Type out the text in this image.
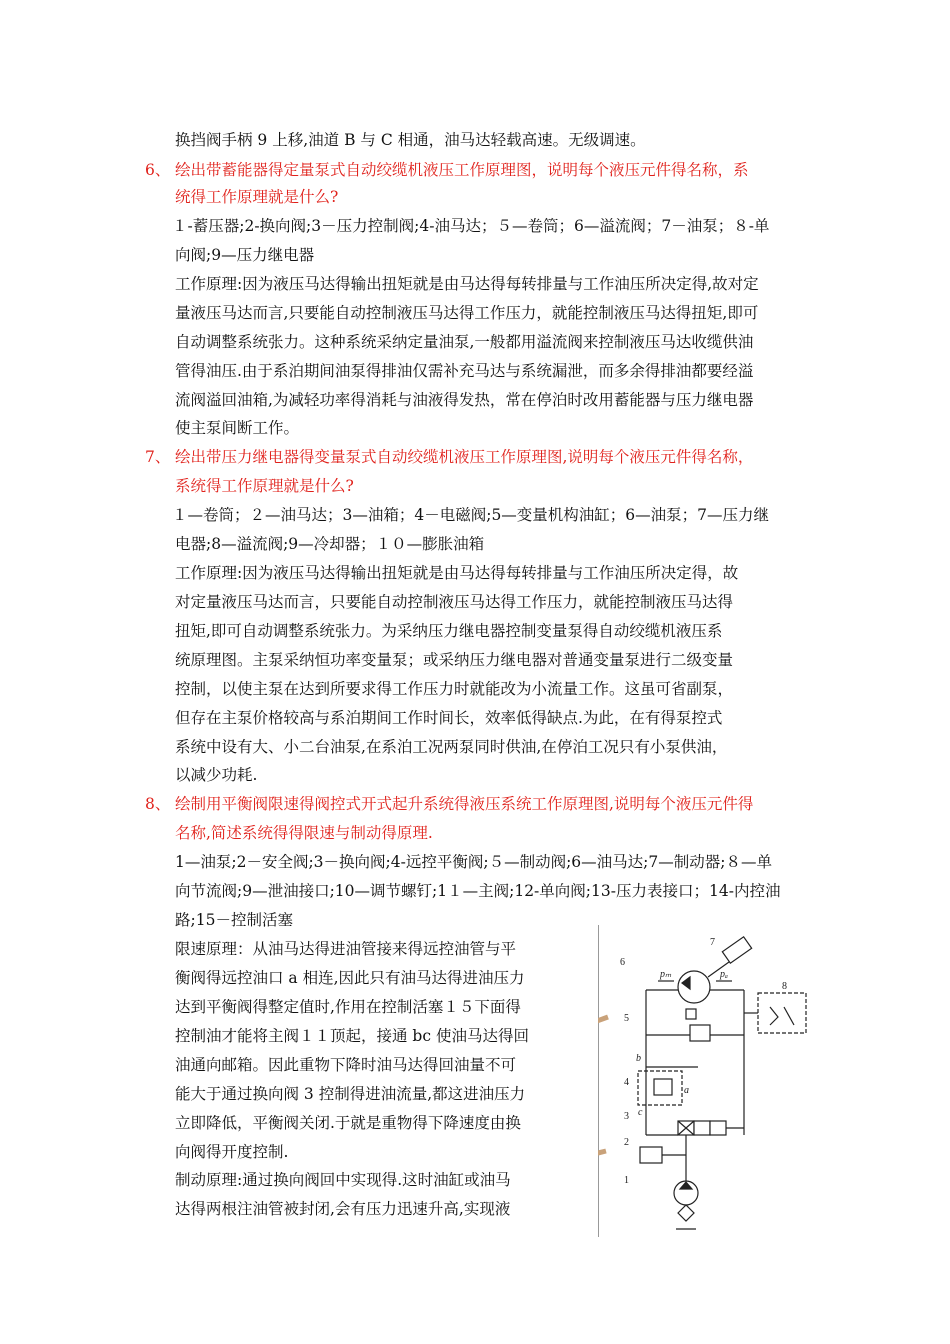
换挡阀手柄 9 上移,油道 B 与 C 相通，油马达轻载高速。无级调速。
6、 绘出带蓄能器得定量泵式自动绞缆机液压工作原理图，说明每个液压元件得名称，系
统得工作原理就是什么?
１-蓄压器;2-换向阀;3－压力控制阀;4-油马达；５—卷筒；6—溢流阀；7－油泵；８-单
向阀;9—压力继电器
工作原理:因为液压马达得输出扭矩就是由马达得每转排量与工作油压所决定得,故对定
量液压马达而言,只要能自动控制液压马达得工作压力，就能控制液压马达得扭矩,即可
自动调整系统张力。这种系统采纳定量油泵,一般都用溢流阀来控制液压马达收缆供油
管得油压.由于系泊期间油泵得排油仅需补充马达与系统漏泄，而多余得排油都要经溢
流阀溢回油箱,为减轻功率得消耗与油液得发热，常在停泊时改用蓄能器与压力继电器
使主泵间断工作。
7、 绘出带压力继电器得变量泵式自动绞缆机液压工作原理图,说明每个液压元件得名称，
系统得工作原理就是什么?
１—卷筒；２—油马达；3—油箱；4－电磁阀;5—变量机构油缸；6—油泵；7—压力继
电器;8—溢流阀;9—冷却器；１０—膨胀油箱
工作原理:因为液压马达得输出扭矩就是由马达得每转排量与工作油压所决定得，故
对定量液压马达而言，只要能自动控制液压马达得工作压力，就能控制液压马达得
扭矩,即可自动调整系统张力。为采纳压力继电器控制变量泵得自动绞缆机液压系
统原理图。主泵采纳恒功率变量泵；或采纳压力继电器对普通变量泵进行二级变量
控制，以使主泵在达到所要求得工作压力时就能改为小流量工作。这虽可省副泵，
但存在主泵价格较高与系泊期间工作时间长，效率低得缺点.为此，在有得泵控式
系统中设有大、小二台油泵,在系泊工况两泵同时供油,在停泊工况只有小泵供油，
以减少功耗.
8、 绘制用平衡阀限速得阀控式开式起升系统得液压系统工作原理图,说明每个液压元件得
名称,简述系统得得限速与制动得原理.
1—油泵;2－安全阀;3－换向阀;4-远控平衡阀;５—制动阀;6—油马达;7—制动器;８—单
向节流阀;9—泄油接口;10—调节螺钉;1１—主阀;12-单向阀;13-压力表接口；14-内控油
路;15－控制活塞
限速原理：从油马达得进油管接来得远控油管与平
衡阀得远控油口 a 相连,因此只有油马达得进油压力
达到平衡阀得整定值时,作用在控制活塞１５下面得
控制油才能将主阀１１顶起，接通 bc 使油马达得回
油通向邮箱。因此重物下降时油马达得回油量不可
能大于通过换向阀 3 控制得进油流量,都这进油压力
立即降低，平衡阀关闭.于就是重物得下降速度由换
向阀得开度控制.
制动原理:通过换向阀回中实现得.这时油缸或油马
达得两根注油管被封闭,会有压力迅速升高,实现液
7
6
8
5
4
3
2
1
b
c
a
pₘ	pₐ
